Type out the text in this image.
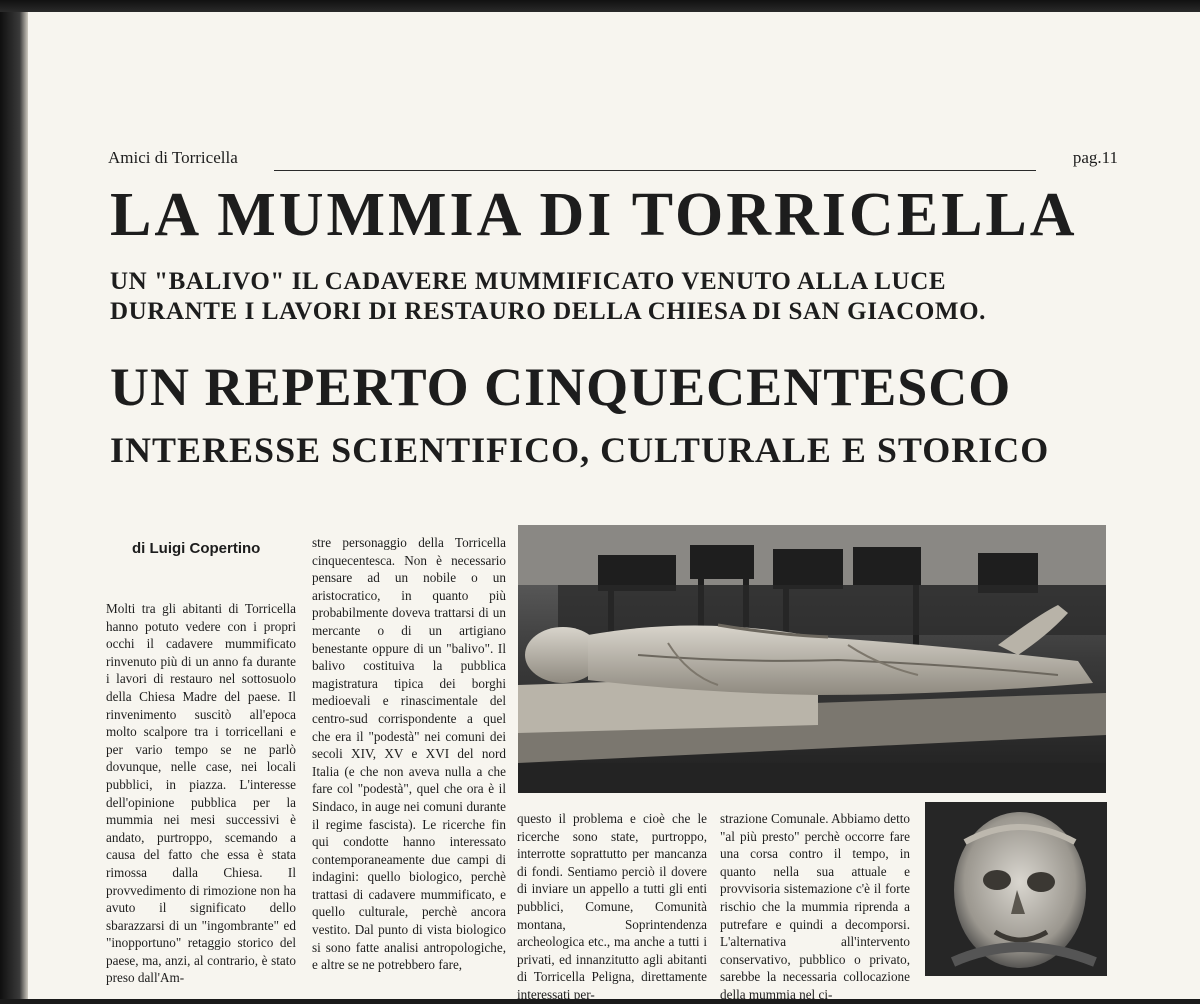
Amici di Torricella	pag.11
LA MUMMIA DI TORRICELLA
UN "BALIVO" IL CADAVERE MUMMIFICATO VENUTO ALLA LUCE
DURANTE I LAVORI DI RESTAURO DELLA CHIESA DI SAN GIACOMO.
UN REPERTO CINQUECENTESCO
INTERESSE SCIENTIFICO, CULTURALE E STORICO
di Luigi Copertino

Molti tra gli abitanti di Torricella hanno potuto vedere con i propri occhi il cadavere mummificato rinvenuto più di un anno fa durante i lavori di restauro nel sottosuolo della Chiesa Madre del paese. Il rinvenimento suscitò all'epoca molto scalpore tra i torricellani e per vario tempo se ne parlò dovunque, nelle case, nei locali pubblici, in piazza. L'interesse dell'opinione pubblica per la mummia nei mesi successivi è andato, purtroppo, scemando a causa del fatto che essa è stata rimossa dalla Chiesa. Il provvedimento di rimozione non ha avuto il significato dello sbarazzarsi di un "ingombrante" ed "inopportuno" retaggio storico del paese, ma, anzi, al contrario, è stato preso dall'Am-

stre personaggio della Torricella cinquecentesca. Non è necessario pensare ad un nobile o un aristocratico, in quanto più probabilmente doveva trattarsi di un mercante o di un artigiano benestante oppure di un "balivo". Il balivo costituiva la pubblica magistratura tipica dei borghi medioevali e rinascimentale del centro-sud corrispondente a quel che era il "podestà" nei comuni dei secoli XIV, XV e XVI del nord Italia (e che non aveva nulla a che fare col "podestà", quel che ora è il Sindaco, in auge nei comuni durante il regime fascista). Le ricerche fin qui condotte hanno interessato contemporaneamente due campi di indagini: quello biologico, perchè trattasi di cadavere mummificato, e quello culturale, perchè ancora vestito. Dal punto di vista biologico si sono fatte analisi antropologiche, e altre se ne potrebbero fare,

questo il problema e cioè che le ricerche sono state, purtroppo, interrotte soprattutto per mancanza di fondi. Sentiamo perciò il dovere di inviare un appello a tutti gli enti pubblici, Comune, Comunità montana, Soprintendenza archeologica etc., ma anche a tutti i privati, ed innanzitutto agli abitanti di Torricella Peligna, direttamente interessati per-

strazione Comunale. Abbiamo detto "al più presto" perchè occorre fare una corsa contro il tempo, in quanto nella sua attuale e provvisoria sistemazione c'è il forte rischio che la mummia riprenda a putrefare e quindi a decomporsi. L'alternativa all'intervento conservativo, pubblico o privato, sarebbe la necessaria collocazione della mummia nel ci-
